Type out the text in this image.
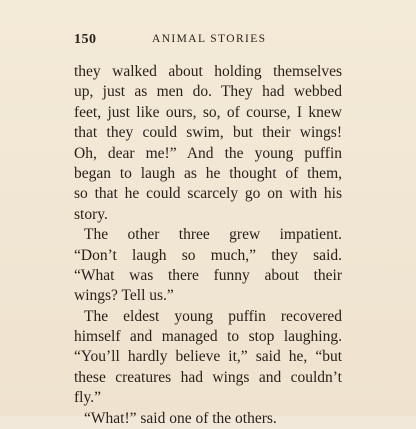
150	ANIMAL STORIES
they walked about holding themselves
up, just as men do. They had webbed
feet, just like ours, so, of course, I knew
that they could swim, but their wings!
Oh, dear me!” And the young puffin
began to laugh as he thought of them,
so that he could scarcely go on with his
story.
The other three grew impatient.
“Don’t laugh so much,” they said.
“What was there funny about their
wings? Tell us.”
The eldest young puffin recovered
himself and managed to stop laughing.
“You’ll hardly believe it,” said he, “but
these creatures had wings and couldn’t
fly.”
“What!” said one of the others.
